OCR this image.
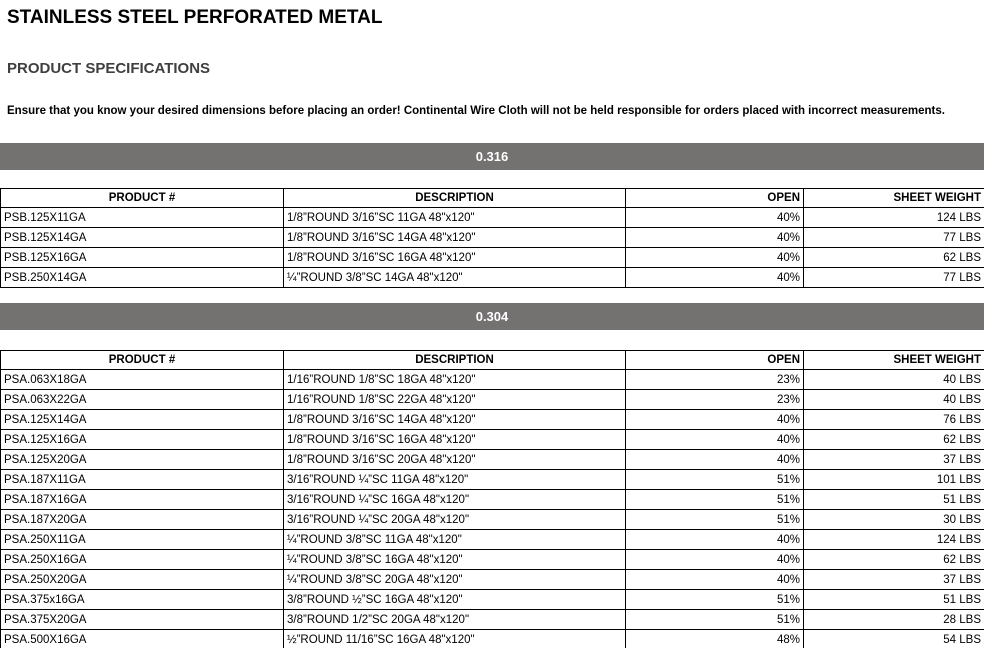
STAINLESS STEEL PERFORATED METAL
PRODUCT SPECIFICATIONS
Ensure that you know your desired dimensions before placing an order! Continental Wire Cloth will not be held responsible for orders placed with incorrect measurements.
0.316
PRODUCT #	DESCRIPTION	OPEN	SHEET WEIGHT
PSB.125X11GA	1/8”ROUND 3/16”SC 11GA 48"x120"	40%	124 LBS
PSB.125X14GA	1/8”ROUND 3/16”SC 14GA 48"x120"	40%	77 LBS
PSB.125X16GA	1/8”ROUND 3/16”SC 16GA 48"x120"	40%	62 LBS
PSB.250X14GA	¼”ROUND 3/8”SC 14GA 48"x120"	40%	77 LBS
0.304
PRODUCT #	DESCRIPTION	OPEN	SHEET WEIGHT
PSA.063X18GA	1/16”ROUND 1/8”SC 18GA 48"x120"	23%	40 LBS
PSA.063X22GA	1/16”ROUND 1/8”SC 22GA 48"x120"	23%	40 LBS
PSA.125X14GA	1/8”ROUND 3/16”SC 14GA 48"x120"	40%	76 LBS
PSA.125X16GA	1/8”ROUND 3/16”SC 16GA 48"x120"	40%	62 LBS
PSA.125X20GA	1/8”ROUND 3/16”SC 20GA 48"x120"	40%	37 LBS
PSA.187X11GA	3/16”ROUND ¼”SC 11GA 48"x120"	51%	101 LBS
PSA.187X16GA	3/16”ROUND ¼”SC 16GA 48"x120"	51%	51 LBS
PSA.187X20GA	3/16”ROUND ¼”SC 20GA 48"x120"	51%	30 LBS
PSA.250X11GA	¼”ROUND 3/8”SC 11GA 48"x120"	40%	124 LBS
PSA.250X16GA	¼”ROUND 3/8”SC 16GA 48"x120"	40%	62 LBS
PSA.250X20GA	¼”ROUND 3/8”SC 20GA 48"x120"	40%	37 LBS
PSA.375x16GA	3/8”ROUND ½”SC 16GA 48"x120"	51%	51 LBS
PSA.375X20GA	3/8”ROUND 1/2”SC 20GA 48"x120"	51%	28 LBS
PSA.500X16GA	½”ROUND 11/16”SC 16GA 48"x120"	48%	54 LBS
